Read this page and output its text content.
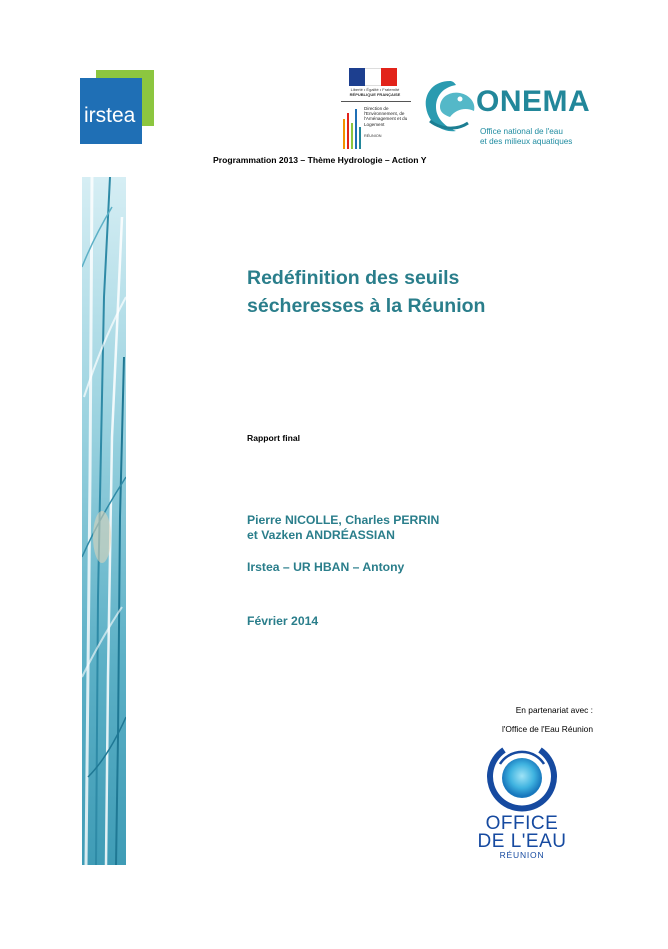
irstea
Liberté • Égalité • Fraternité
RÉPUBLIQUE FRANÇAISE
Direction de l'Environnement, de l'Aménagement et du Logement
RÉUNION
ONEMA
Office national de l'eau
et des milieux aquatiques
Programmation 2013 – Thème Hydrologie – Action Y
Redéfinition des seuils
sécheresses à la Réunion
Rapport final
Pierre NICOLLE, Charles PERRIN
et Vazken ANDRÉASSIAN
Irstea – UR HBAN – Antony
Février 2014
En partenariat avec :
l'Office de l'Eau Réunion
OFFICE
DE L'EAU
RÉUNION
